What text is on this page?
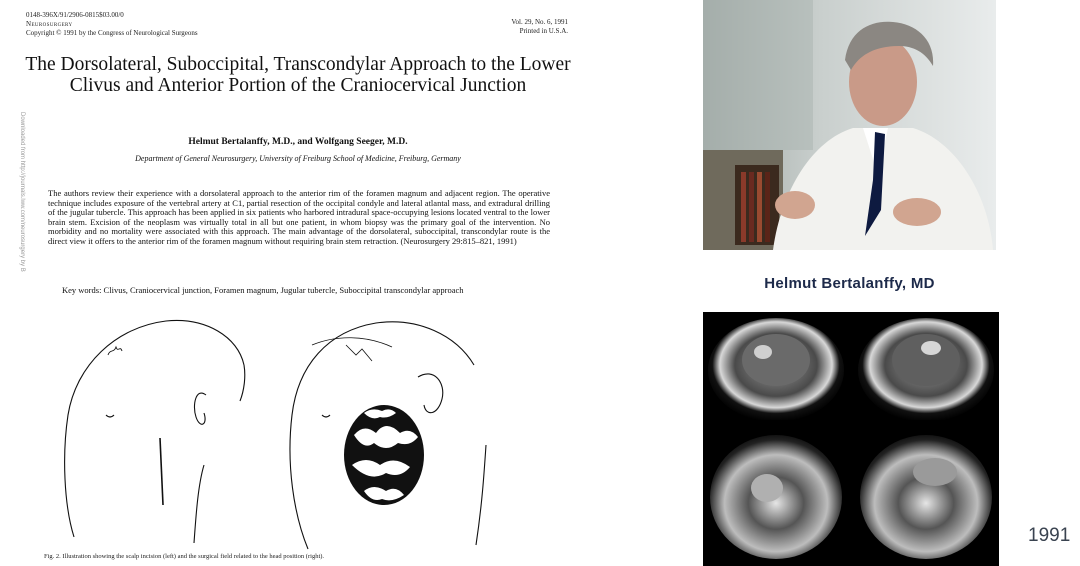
0148-396X/91/2906-0815$03.00/0
Neurosurgery
Copyright © 1991 by the Congress of Neurological Surgeons
Vol. 29, No. 6, 1991
Printed in U.S.A.
The Dorsolateral, Suboccipital, Transcondylar Approach to the Lower Clivus and Anterior Portion of the Craniocervical Junction
Helmut Bertalanffy, M.D., and Wolfgang Seeger, M.D.
Department of General Neurosurgery, University of Freiburg School of Medicine, Freiburg, Germany
The authors review their experience with a dorsolateral approach to the anterior rim of the foramen magnum and adjacent region. The operative technique includes exposure of the vertebral artery at C1, partial resection of the occipital condyle and lateral atlantal mass, and extradural drilling of the jugular tubercle. This approach has been applied in six patients who harbored intradural space-occupying lesions located ventral to the lower brain stem. Excision of the neoplasm was virtually total in all but one patient, in whom biopsy was the primary goal of the intervention. No morbidity and no mortality were associated with this approach. The main advantage of the dorsolateral, suboccipital, transcondylar route is the direct view it offers to the anterior rim of the foramen magnum without requiring brain stem retraction. (Neurosurgery 29:815–821, 1991)
Key words: Clivus, Craniocervical junction, Foramen magnum, Jugular tubercle, Suboccipital transcondylar approach
Downloaded from http://journals.lww.com/neurosurgery by B
Fig. 2. Illustration showing the scalp incision (left) and the surgical field related to the head position (right).
Helmut Bertalanffy, MD
1991
